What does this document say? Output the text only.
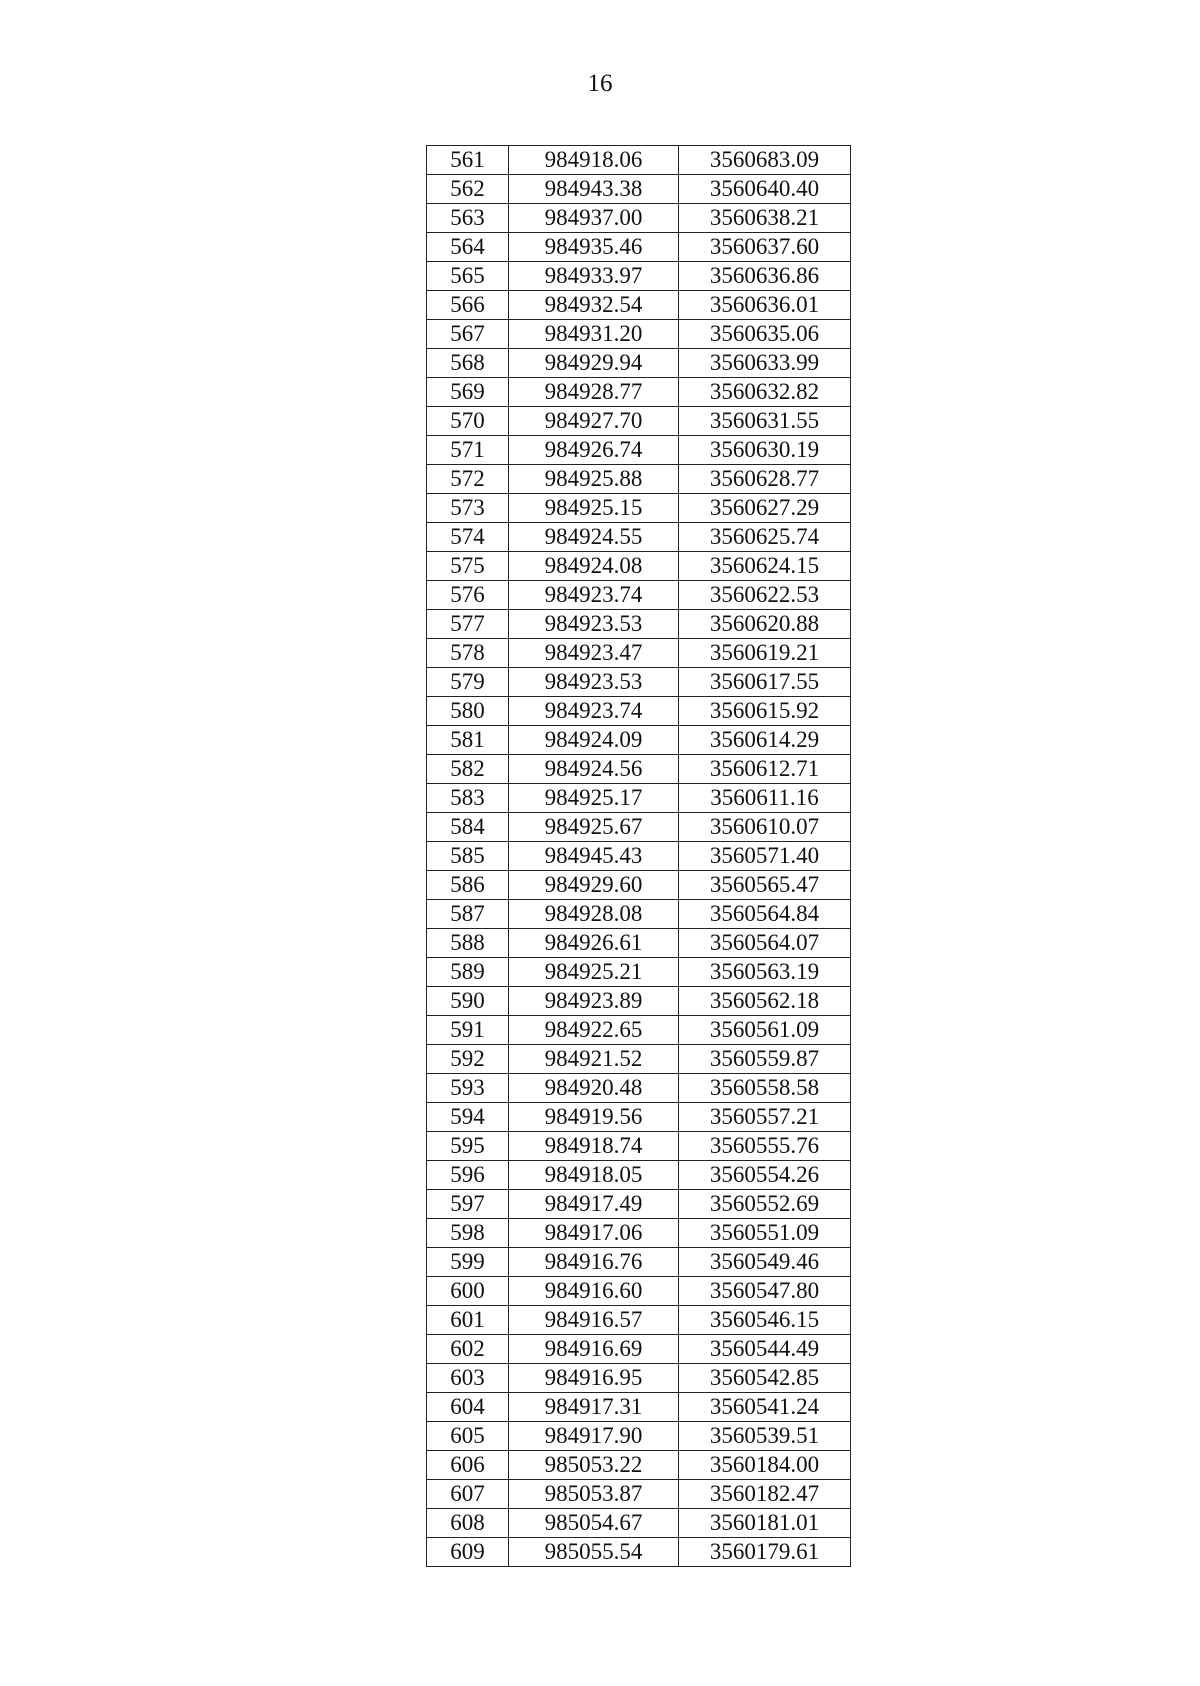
16
561	984918.06	3560683.09
562	984943.38	3560640.40
563	984937.00	3560638.21
564	984935.46	3560637.60
565	984933.97	3560636.86
566	984932.54	3560636.01
567	984931.20	3560635.06
568	984929.94	3560633.99
569	984928.77	3560632.82
570	984927.70	3560631.55
571	984926.74	3560630.19
572	984925.88	3560628.77
573	984925.15	3560627.29
574	984924.55	3560625.74
575	984924.08	3560624.15
576	984923.74	3560622.53
577	984923.53	3560620.88
578	984923.47	3560619.21
579	984923.53	3560617.55
580	984923.74	3560615.92
581	984924.09	3560614.29
582	984924.56	3560612.71
583	984925.17	3560611.16
584	984925.67	3560610.07
585	984945.43	3560571.40
586	984929.60	3560565.47
587	984928.08	3560564.84
588	984926.61	3560564.07
589	984925.21	3560563.19
590	984923.89	3560562.18
591	984922.65	3560561.09
592	984921.52	3560559.87
593	984920.48	3560558.58
594	984919.56	3560557.21
595	984918.74	3560555.76
596	984918.05	3560554.26
597	984917.49	3560552.69
598	984917.06	3560551.09
599	984916.76	3560549.46
600	984916.60	3560547.80
601	984916.57	3560546.15
602	984916.69	3560544.49
603	984916.95	3560542.85
604	984917.31	3560541.24
605	984917.90	3560539.51
606	985053.22	3560184.00
607	985053.87	3560182.47
608	985054.67	3560181.01
609	985055.54	3560179.61
